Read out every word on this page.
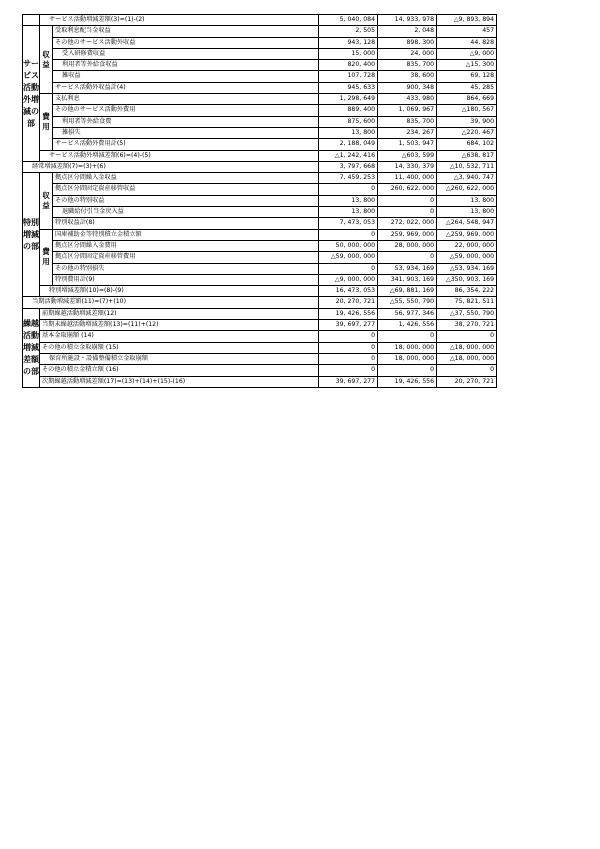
	サービス活動増減差額(3)=(1)-(2)		5, 040, 084	14, 933, 978	△9, 893, 894
サービス活動外増減の部	収益	受取利息配当金収益	2, 505	2, 048	457
		その他のサービス活動外収益	943, 128	898, 300	44, 828
		受入研修費収益	15, 000	24, 000	△9, 000
		利用者等外給食収益	820, 400	835, 700	△15, 300
		雑収益	107, 728	38, 600	69, 128
		サービス活動外収益計(4)	945, 633	900, 348	45, 285
	費用	支払利息	1, 298, 649	433, 980	864, 669
		その他のサービス活動外費用	889, 400	1, 069, 967	△180, 567
		利用者等外給食費	875, 600	835, 700	39, 900
		雑損失	13, 800	234, 267	△220, 467
		サービス活動外費用計(5)	2, 188, 049	1, 503, 947	684, 102
	サービス活動外増減差額(6)=(4)-(5)		△1, 242, 416	△603, 599	△638, 817
経常増減差額(7)=(3)+(6)			3, 797, 668	14, 330, 379	△10, 532, 711
特別増減の部	収益	拠点区分間繰入金収益	7, 459, 253	11, 400, 000	△3, 940, 747
		拠点区分間固定資産移管収益	0	260, 622, 000	△260, 622, 000
		その他の特別収益	13, 800	0	13, 800
		退職給付引当金戻入益	13, 800	0	13, 800
		特別収益計(8)	7, 473, 053	272, 022, 000	△264, 548, 947
	費用	国庫補助金等特別積立金積立額	0	259, 969, 000	△259, 969, 000
		拠点区分間繰入金費用	50, 000, 000	28, 000, 000	22, 000, 000
		拠点区分間固定資産移管費用	△59, 000, 000	0	△59, 000, 000
		その他の特別損失	0	53, 934, 169	△53, 934, 169
		特別費用計(9)	△9, 000, 000	341, 903, 169	△350, 903, 169
	特別増減差額(10)=(8)-(9)		16, 473, 053	△69, 881, 169	86, 354, 222
当期活動増減差額(11)=(7)+(10)			20, 270, 721	△55, 550, 790	75, 821, 511
繰越活動増減差額の部	前期繰越活動増減差額(12)		19, 426, 556	56, 977, 346	△37, 550, 790
	当期末繰越活動増減差額(13)=(11)+(12)		39, 697, 277	1, 426, 556	38, 270, 721
	基本金取崩額 (14)		0	0	0
	その他の積立金取崩額 (15)		0	18, 000, 000	△18, 000, 000
	保育所施設・設備整備積立金取崩額		0	18, 000, 000	△18, 000, 000
	その他の積立金積立額 (16)		0	0	0
	次期繰越活動増減差額(17)=(13)+(14)+(15)-(16)		39, 697, 277	19, 426, 556	20, 270, 721
